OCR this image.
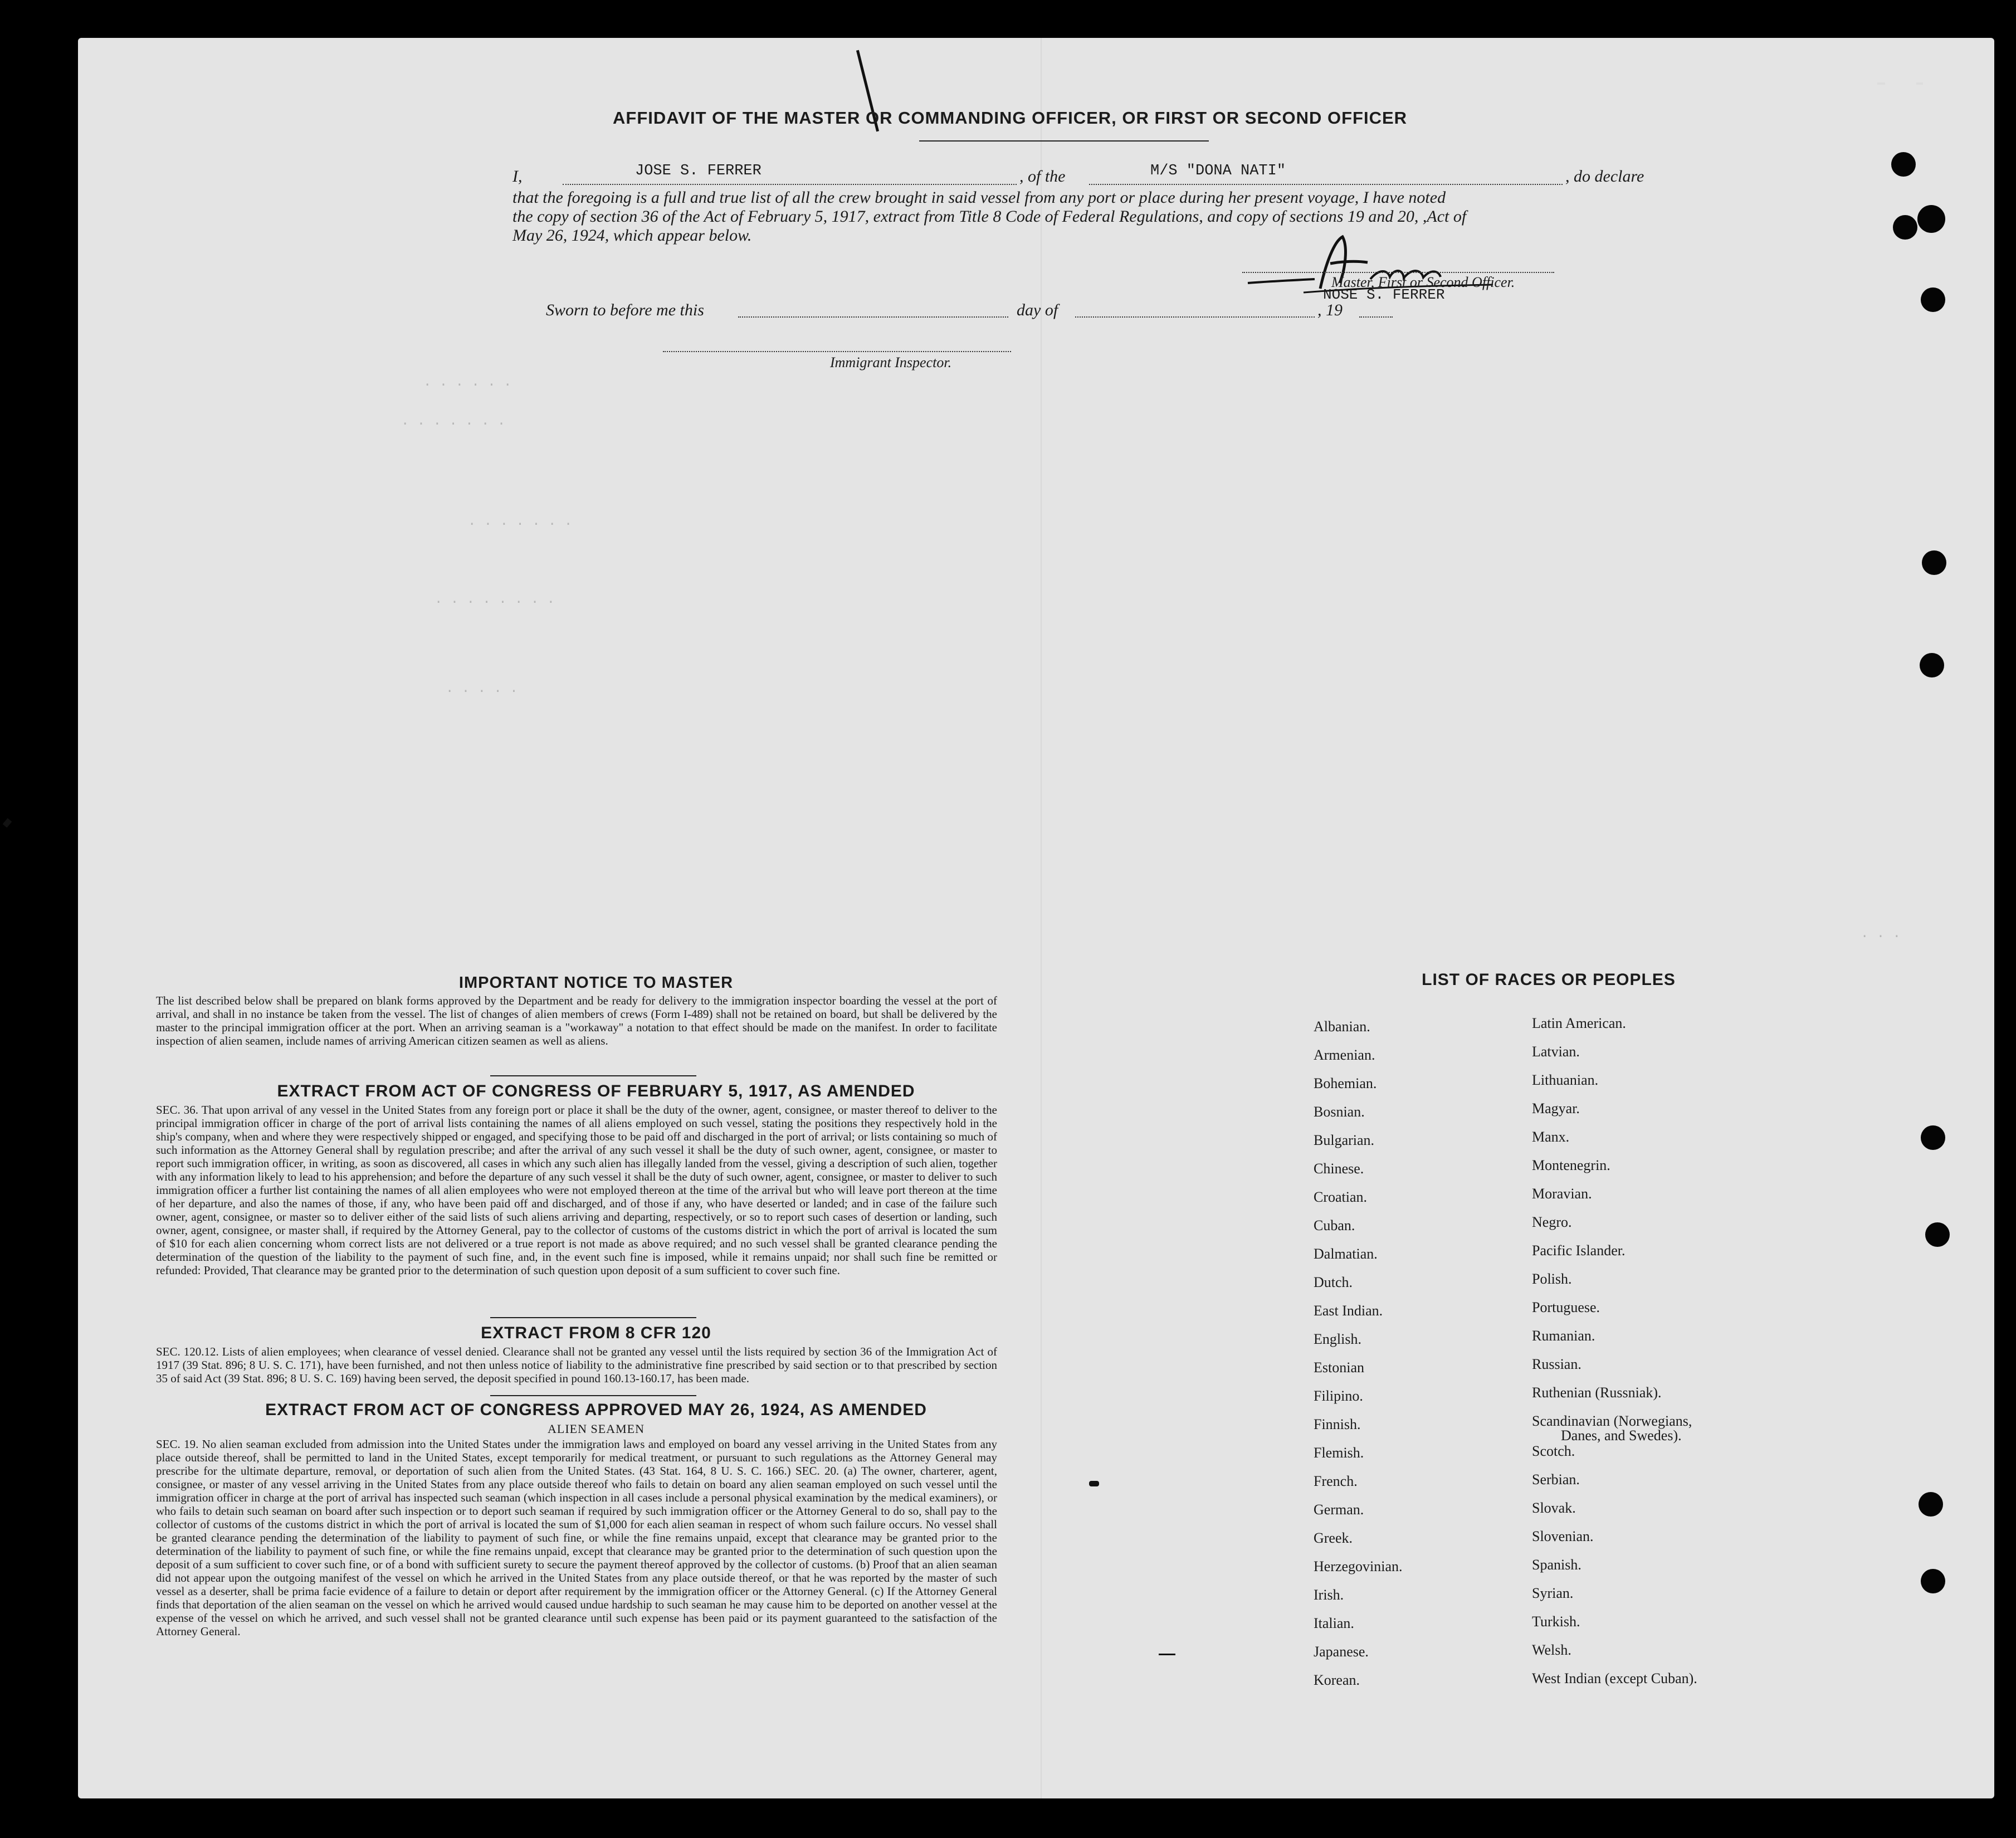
· · · · · ·
· · · · · · ·
· · · · · · ·
· · · · · · · ·
· · · · ·
· · ·
AFFIDAVIT OF THE MASTER OR COMMANDING OFFICER, OR FIRST OR SECOND OFFICER
I,	JOSE S. FERRER	, of the	M/S "DONA NATI"	, do declare
that the foregoing is a full and true list of all the crew brought in said vessel from any port or place during her present voyage, I have noted
the copy of section 36 of the Act of February 5, 1917, extract from Title 8 Code of Federal Regulations, and copy of sections 19 and 20, ,Act of
May 26, 1924, which appear below.
Master, First or Second Officer.
NOSE S. FERRER
Sworn to before me this	day of	, 19
Immigrant Inspector.
IMPORTANT NOTICE TO MASTER
The list described below shall be prepared on blank forms approved by the Department and be ready for delivery to the immigration inspector boarding the vessel at the port of arrival, and shall in no instance be taken from the vessel. The list of changes of alien members of crews (Form I-489) shall not be retained on board, but shall be delivered by the master to the principal immigration officer at the port. When an arriving seaman is a "workaway" a notation to that effect should be made on the manifest. In order to facilitate inspection of alien seamen, include names of arriving American citizen seamen as well as aliens.
EXTRACT FROM ACT OF CONGRESS OF FEBRUARY 5, 1917, AS AMENDED
SEC. 36. That upon arrival of any vessel in the United States from any foreign port or place it shall be the duty of the owner, agent, consignee, or master thereof to deliver to the principal immigration officer in charge of the port of arrival lists containing the names of all aliens employed on such vessel, stating the positions they respectively hold in the ship's company, when and where they were respectively shipped or engaged, and specifying those to be paid off and discharged in the port of arrival; or lists containing so much of such information as the Attorney General shall by regulation prescribe; and after the arrival of any such vessel it shall be the duty of such owner, agent, consignee, or master to report such immigration officer, in writing, as soon as discovered, all cases in which any such alien has illegally landed from the vessel, giving a description of such alien, together with any information likely to lead to his apprehension; and before the departure of any such vessel it shall be the duty of such owner, agent, consignee, or master to deliver to such immigration officer a further list containing the names of all alien employees who were not employed thereon at the time of the arrival but who will leave port thereon at the time of her departure, and also the names of those, if any, who have been paid off and discharged, and of those if any, who have deserted or landed; and in case of the failure such owner, agent, consignee, or master so to deliver either of the said lists of such aliens arriving and departing, respectively, or so to report such cases of desertion or landing, such owner, agent, consignee, or master shall, if required by the Attorney General, pay to the collector of customs of the customs district in which the port of arrival is located the sum of $10 for each alien concerning whom correct lists are not delivered or a true report is not made as above required; and no such vessel shall be granted clearance pending the determination of the question of the liability to the payment of such fine, and, in the event such fine is imposed, while it remains unpaid; nor shall such fine be remitted or refunded: Provided, That clearance may be granted prior to the determination of such question upon deposit of a sum sufficient to cover such fine.
EXTRACT FROM 8 CFR 120
SEC. 120.12. Lists of alien employees; when clearance of vessel denied. Clearance shall not be granted any vessel until the lists required by section 36 of the Immigration Act of 1917 (39 Stat. 896; 8 U. S. C. 171), have been furnished, and not then unless notice of liability to the administrative fine prescribed by said section or to that prescribed by section 35 of said Act (39 Stat. 896; 8 U. S. C. 169) having been served, the deposit specified in pound 160.13-160.17, has been made.
EXTRACT FROM ACT OF CONGRESS APPROVED MAY 26, 1924, AS AMENDED
ALIEN SEAMEN
SEC. 19. No alien seaman excluded from admission into the United States under the immigration laws and employed on board any vessel arriving in the United States from any place outside thereof, shall be permitted to land in the United States, except temporarily for medical treatment, or pursuant to such regulations as the Attorney General may prescribe for the ultimate departure, removal, or deportation of such alien from the United States. (43 Stat. 164, 8 U. S. C. 166.) SEC. 20. (a) The owner, charterer, agent, consignee, or master of any vessel arriving in the United States from any place outside thereof who fails to detain on board any alien seaman employed on such vessel until the immigration officer in charge at the port of arrival has inspected such seaman (which inspection in all cases include a personal physical examination by the medical examiners), or who fails to detain such seaman on board after such inspection or to deport such seaman if required by such immigration officer or the Attorney General to do so, shall pay to the collector of customs of the customs district in which the port of arrival is located the sum of $1,000 for each alien seaman in respect of whom such failure occurs. No vessel shall be granted clearance pending the determination of the liability to payment of such fine, or while the fine remains unpaid, except that clearance may be granted prior to the determination of the liability to payment of such fine, or while the fine remains unpaid, except that clearance may be granted prior to the determination of such question upon the deposit of a sum sufficient to cover such fine, or of a bond with sufficient surety to secure the payment thereof approved by the collector of customs. (b) Proof that an alien seaman did not appear upon the outgoing manifest of the vessel on which he arrived in the United States from any place outside thereof, or that he was reported by the master of such vessel as a deserter, shall be prima facie evidence of a failure to detain or deport after requirement by the immigration officer or the Attorney General. (c) If the Attorney General finds that deportation of the alien seaman on the vessel on which he arrived would caused undue hardship to such seaman he may cause him to be deported on another vessel at the expense of the vessel on which he arrived, and such vessel shall not be granted clearance until such expense has been paid or its payment guaranteed to the satisfaction of the Attorney General.
LIST OF RACES OR PEOPLES
Albanian.
Armenian.
Bohemian.
Bosnian.
Bulgarian.
Chinese.
Croatian.
Cuban.
Dalmatian.
Dutch.
East Indian.
English.
Estonian
Filipino.
Finnish.
Flemish.
French.
German.
Greek.
Herzegovinian.
Irish.
Italian.
Japanese.
Korean.
Latin American.
Latvian.
Lithuanian.
Magyar.
Manx.
Montenegrin.
Moravian.
Negro.
Pacific Islander.
Polish.
Portuguese.
Rumanian.
Russian.
Ruthenian (Russniak).
Scandinavian (Norwegians,
Danes, and Swedes).
Scotch.
Serbian.
Slovak.
Slovenian.
Spanish.
Syrian.
Turkish.
Welsh.
West Indian (except Cuban).
